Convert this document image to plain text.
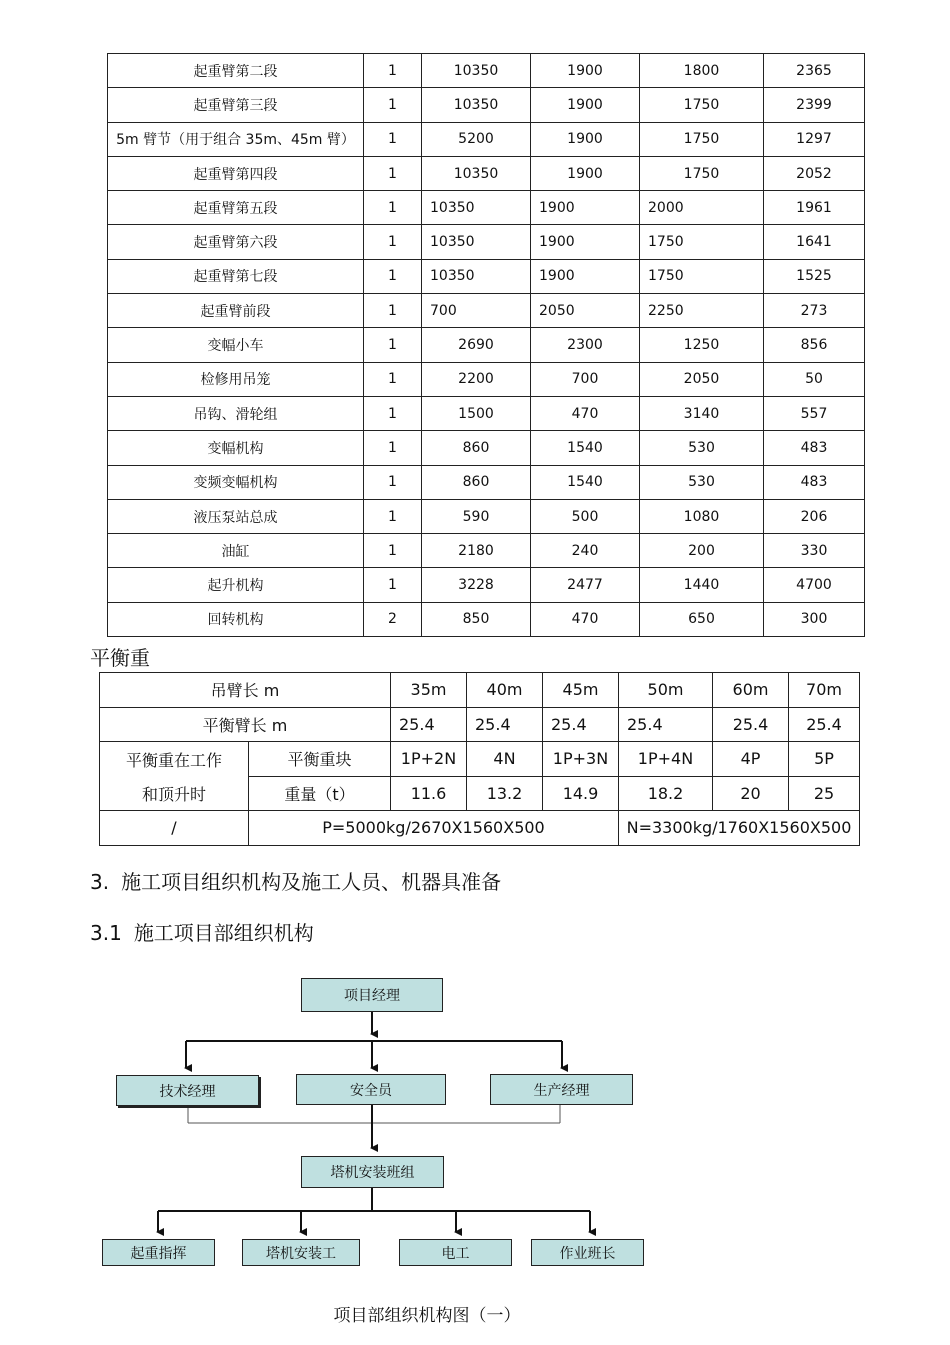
起重臂第二段	1	10350	1900	1800	2365
起重臂第三段	1	10350	1900	1750	2399
5m 臂节（用于组合 35m、45m 臂）	1	5200	1900	1750	1297
起重臂第四段	1	10350	1900	1750	2052
起重臂第五段	1	10350	1900	2000	1961
起重臂第六段	1	10350	1900	1750	1641
起重臂第七段	1	10350	1900	1750	1525
起重臂前段	1	700	2050	2250	273
变幅小车	1	2690	2300	1250	856
检修用吊笼	1	2200	700	2050	50
吊钩、滑轮组	1	1500	470	3140	557
变幅机构	1	860	1540	530	483
变频变幅机构	1	860	1540	530	483
液压泵站总成	1	590	500	1080	206
油缸	1	2180	240	200	330
起升机构	1	3228	2477	1440	4700
回转机构	2	850	470	650	300
平衡重
吊臂长 m		35m	40m	45m	50m	60m	70m
平衡臂长 m		25.4	25.4	25.4	25.4	25.4	25.4
平衡重在工作	平衡重块	1P+2N	4N	1P+3N	1P+4N	4P	5P
和顶升时	重量（t）	11.6	13.2	14.9	18.2	20	25
/	P=5000kg/2670X1560X500				N=3300kg/1760X1560X500		
3. 施工项目组织机构及施工人员、机器具准备
3.1 施工项目部组织机构
项目经理
技术经理	安全员	生产经理
塔机安装班组
起重指挥	塔机安装工	电工	作业班长
项目部组织机构图（一）
